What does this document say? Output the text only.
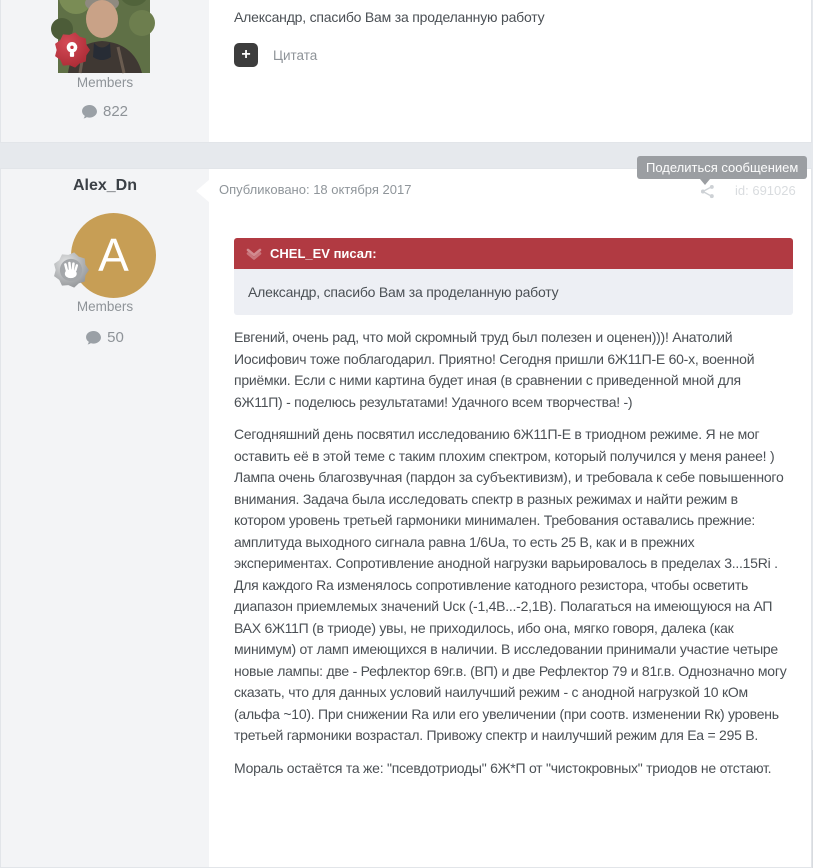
Members
822

Александр, спасибо Вам за проделанную работу

+	Цитата
Alex_Dn
A
Members
50
Опубликовано: 18 октября 2017	id: 691026
CHEL_EV писал:
Александр, спасибо Вам за проделанную работу

Евгений, очень рад, что мой скромный труд был полезен и оценен)))! Анатолий Иосифович тоже поблагодарил. Приятно! Сегодня пришли 6Ж11П-Е 60-х, военной приёмки. Если с ними картина будет иная (в сравнении с приведенной мной для 6Ж11П) - поделюсь результатами! Удачного всем творчества! -)

Сегодняшний день посвятил исследованию 6Ж11П-Е в триодном режиме. Я не мог оставить её в этой теме с таким плохим спектром, который получился у меня ранее! ) Лампа очень благозвучная (пардон за субъективизм), и требовала к себе повышенного внимания. Задача была исследовать спектр в разных режимах и найти режим в котором уровень третьей гармоники минимален. Требования оставались прежние: амплитуда выходного сигнала равна 1/6Ua, то есть 25 В, как и в прежних экспериментах. Сопротивление анодной нагрузки варьировалось в пределах 3...15Ri . Для каждого Ra изменялось сопротивление катодного резистора, чтобы осветить диапазон приемлемых значений Uск (-1,4В...-2,1В). Полагаться на имеющуюся на АП ВАХ 6Ж11П (в триоде) увы, не приходилось, ибо она, мягко говоря, далека (как минимум) от ламп имеющихся в наличии. В исследовании принимали участие четыре новые лампы: две - Рефлектор 69г.в. (ВП) и две Рефлектор 79 и 81г.в. Однозначно могу сказать, что для данных условий наилучший режим - с анодной нагрузкой 10 кОм (альфа ~10). При снижении Ra или его увеличении (при соотв. изменении Rк) уровень третьей гармоники возрастал. Привожу спектр и наилучший режим для Еа = 295 В.

Мораль остаётся та же: "псевдотриоды" 6Ж*П от "чистокровных" триодов не отстают.

Поделиться сообщением
